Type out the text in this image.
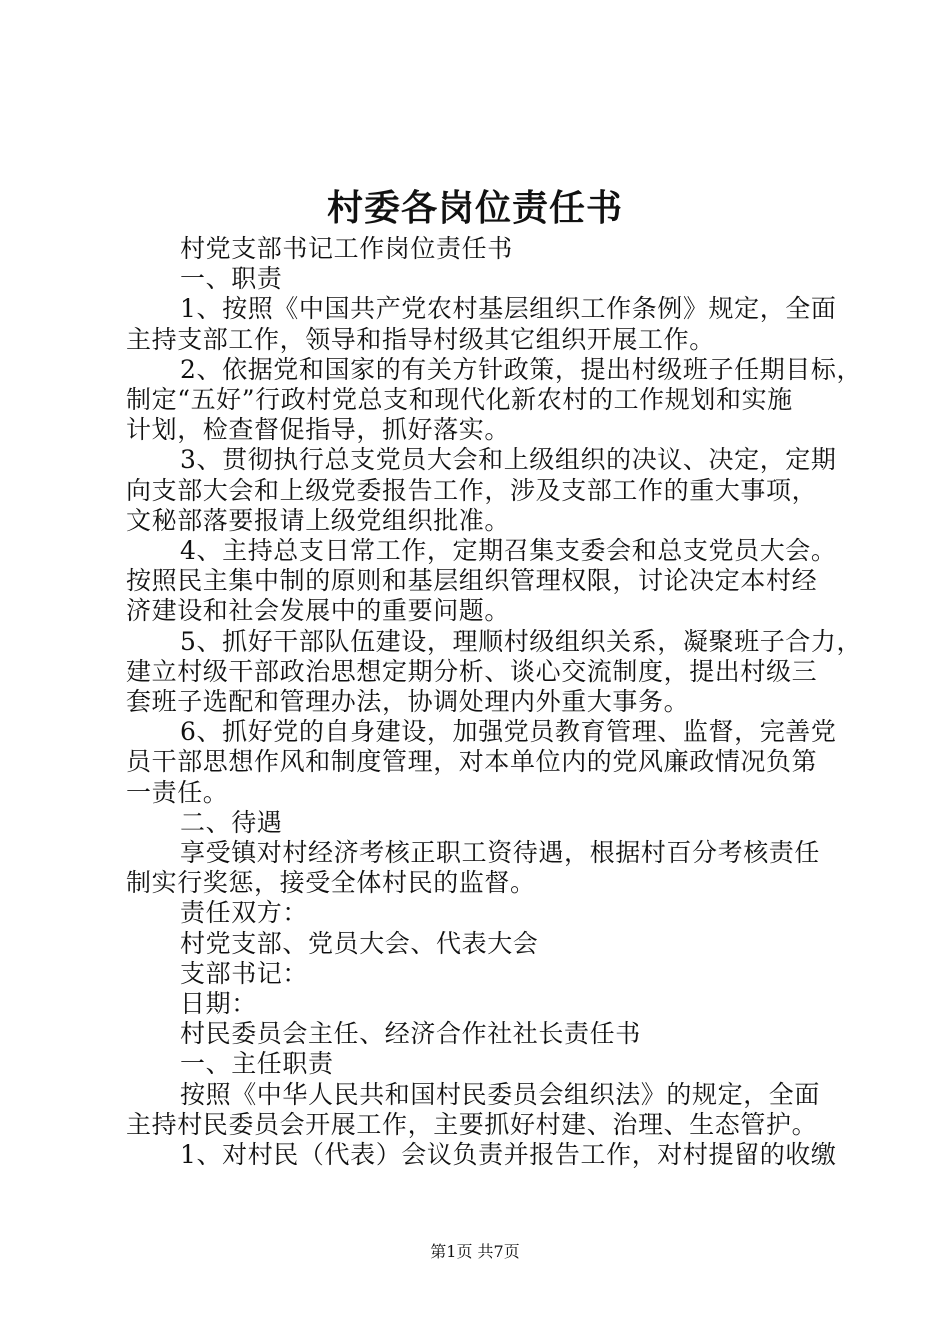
村委各岗位责任书
村党支部书记工作岗位责任书
一、职责
1、按照《中国共产党农村基层组织工作条例》规定，全面
主持支部工作，领导和指导村级其它组织开展工作。
2、依据党和国家的有关方针政策，提出村级班子任期目标，
制定“五好”行政村党总支和现代化新农村的工作规划和实施
计划，检查督促指导，抓好落实。
3、贯彻执行总支党员大会和上级组织的决议、决定，定期
向支部大会和上级党委报告工作，涉及支部工作的重大事项，
文秘部落要报请上级党组织批准。
4、主持总支日常工作，定期召集支委会和总支党员大会。
按照民主集中制的原则和基层组织管理权限，讨论决定本村经
济建设和社会发展中的重要问题。
5、抓好干部队伍建设，理顺村级组织关系，凝聚班子合力，
建立村级干部政治思想定期分析、谈心交流制度，提出村级三
套班子选配和管理办法，协调处理内外重大事务。
6、抓好党的自身建设，加强党员教育管理、监督，完善党
员干部思想作风和制度管理，对本单位内的党风廉政情况负第
一责任。
二、待遇
享受镇对村经济考核正职工资待遇，根据村百分考核责任
制实行奖惩，接受全体村民的监督。
责任双方：
村党支部、党员大会、代表大会
支部书记：
日期：
村民委员会主任、经济合作社社长责任书
一、主任职责
按照《中华人民共和国村民委员会组织法》的规定，全面
主持村民委员会开展工作，主要抓好村建、治理、生态管护。
1、对村民（代表）会议负责并报告工作，对村提留的收缴
第1页 共7页
